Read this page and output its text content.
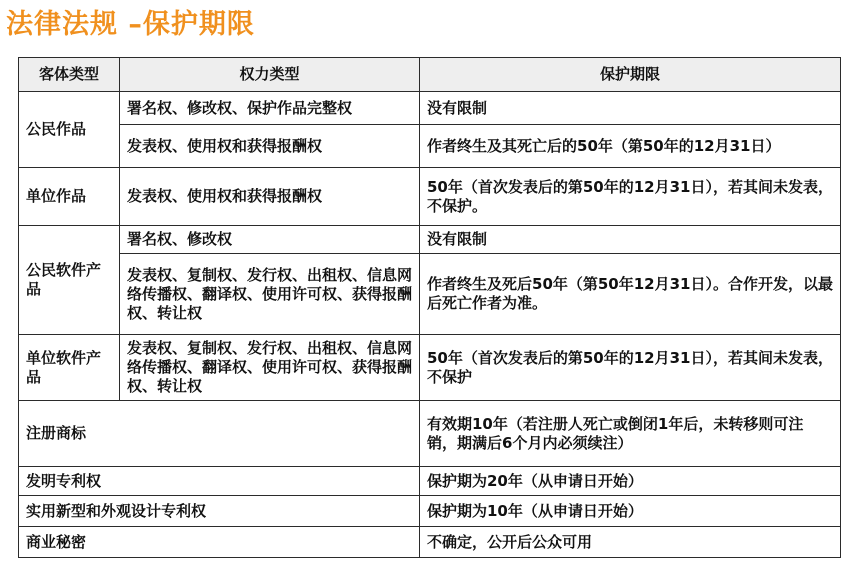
法律法规 –保护期限
客体类型	权力类型	保护期限
公民作品	署名权、修改权、保护作品完整权	没有限制
	发表权、使用权和获得报酬权	作者终生及其死亡后的50年（第50年的12月31日）
单位作品	发表权、使用权和获得报酬权	50年（首次发表后的第50年的12月31日），若其间未发表，不保护。
公民软件产品	署名权、修改权	没有限制
	发表权、复制权、发行权、出租权、信息网络传播权、翻译权、使用许可权、获得报酬权、转让权	作者终生及死后50年（第50年12月31日）。合作开发，以最后死亡作者为准。
单位软件产品	发表权、复制权、发行权、出租权、信息网络传播权、翻译权、使用许可权、获得报酬权、转让权	50年（首次发表后的第50年的12月31日），若其间未发表，不保护
注册商标		有效期10年（若注册人死亡或倒闭1年后，未转移则可注销，期满后6个月内必须续注）
发明专利权		保护期为20年（从申请日开始）
实用新型和外观设计专利权		保护期为10年（从申请日开始）
商业秘密		不确定，公开后公众可用
